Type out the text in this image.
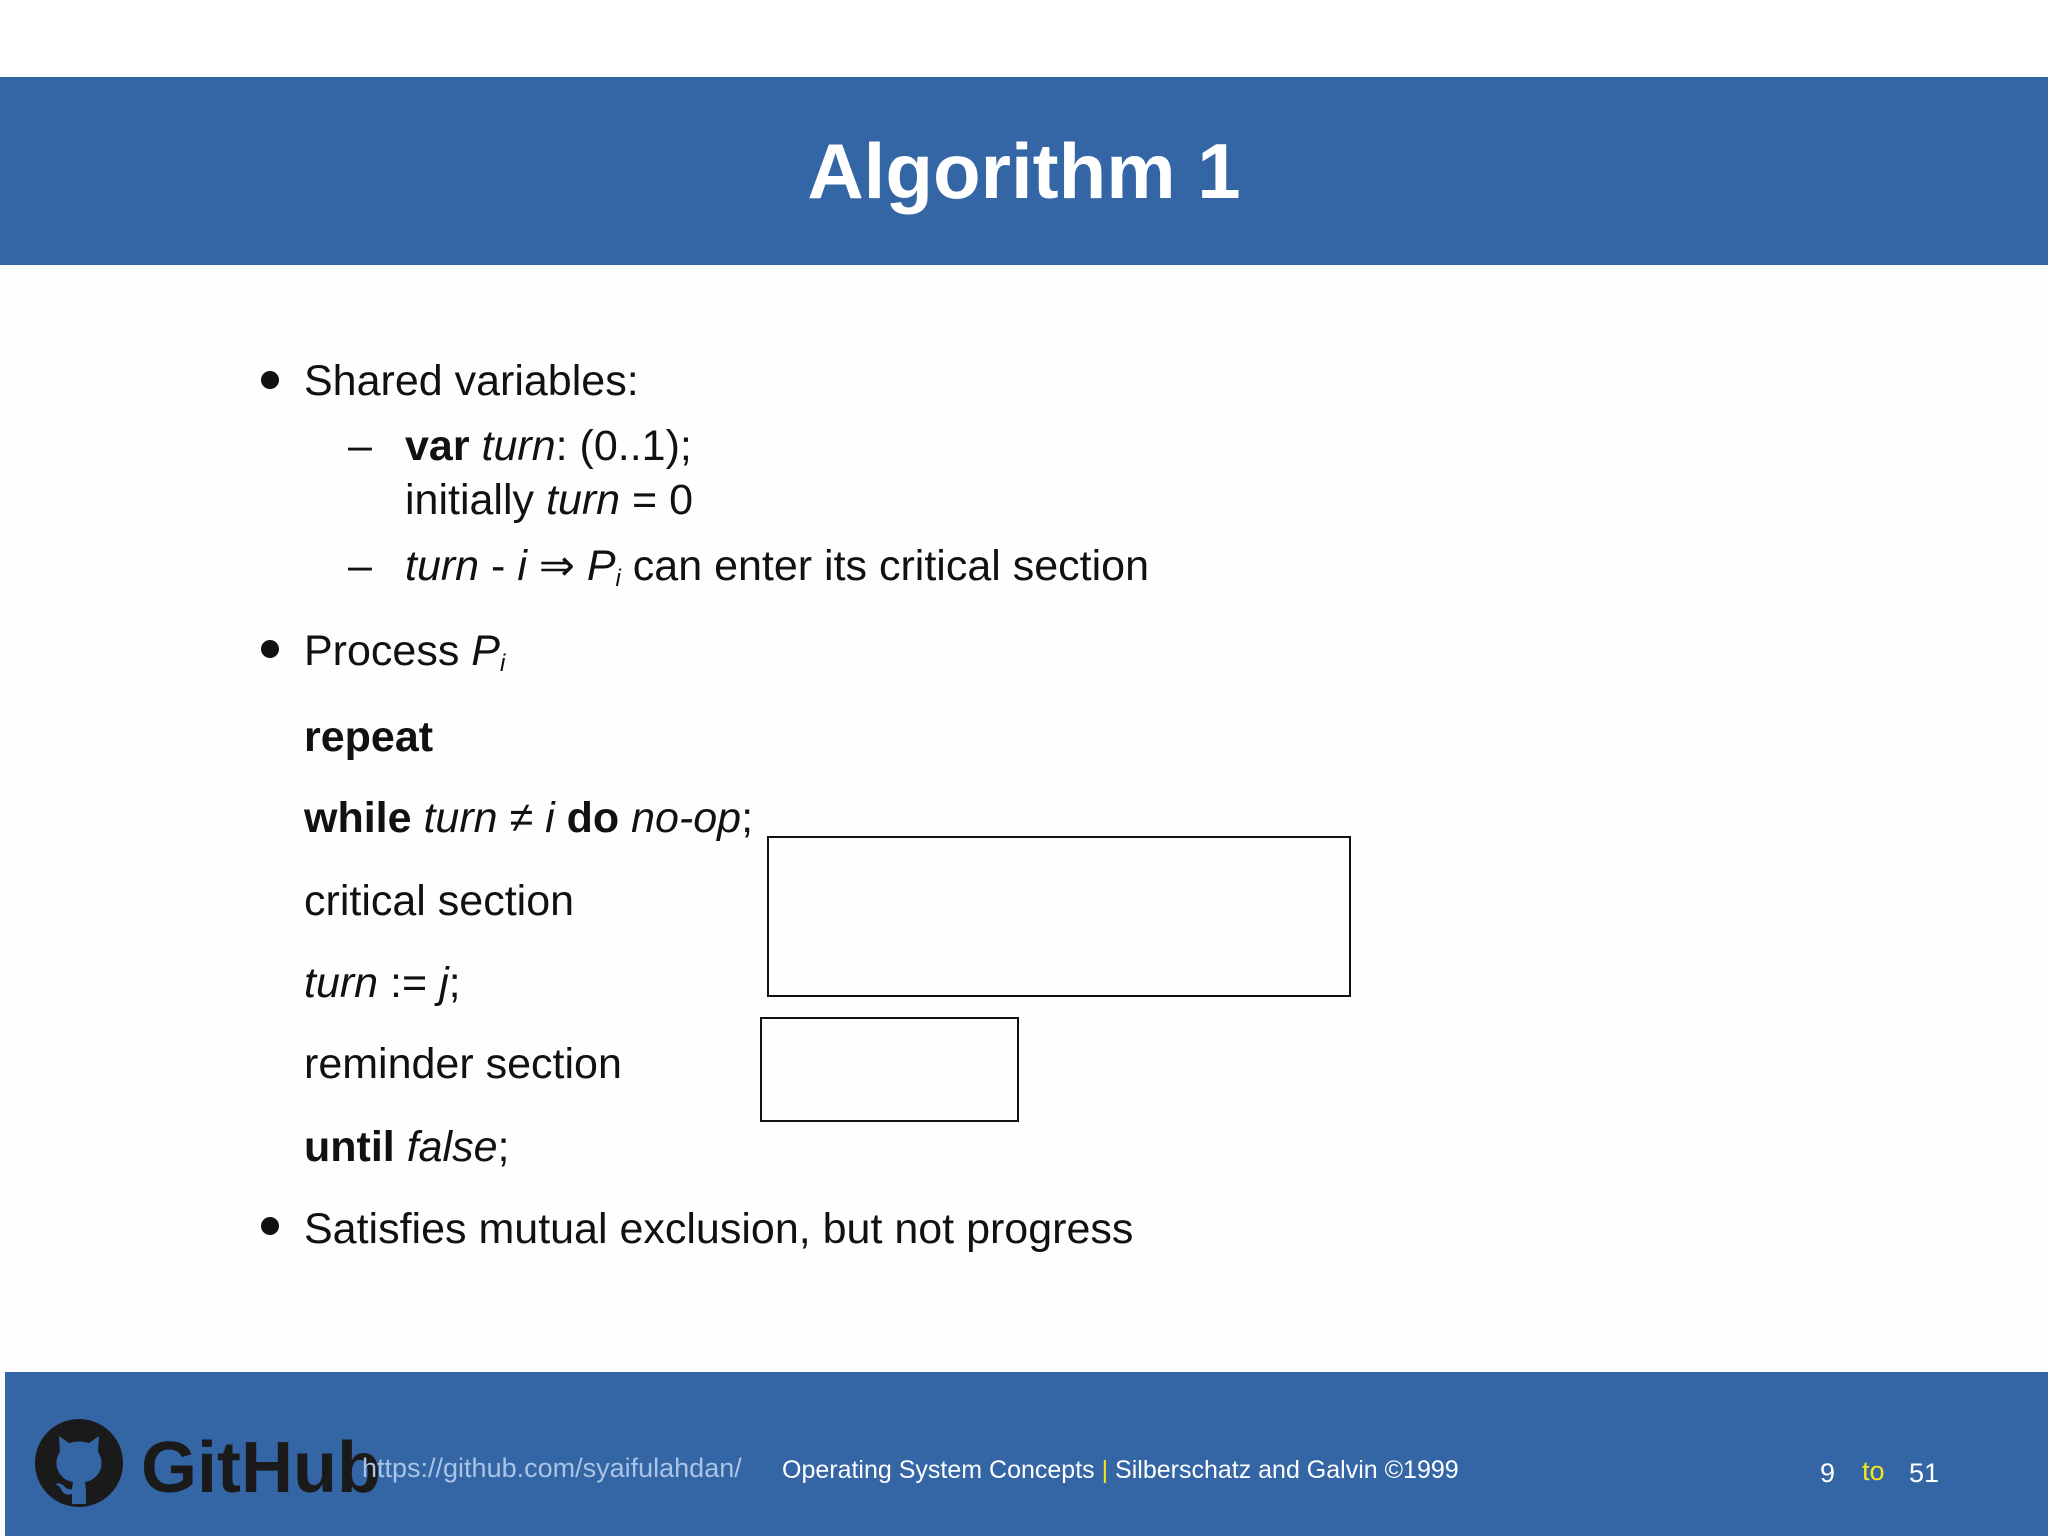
Algorithm 1
Shared variables:
– var turn: (0..1);
initially turn = 0
– turn - i ⇒ $P_i$ can enter its critical section
Process $P_i$
repeat
while turn ≠ i do no-op;
critical section
turn := j;
reminder section
until false;
Satisfies mutual exclusion, but not progress
GitHub
https://github.com/syaifulahdan/ Operating System Concepts | Silberschatz and Galvin ©1999	9 to 51
